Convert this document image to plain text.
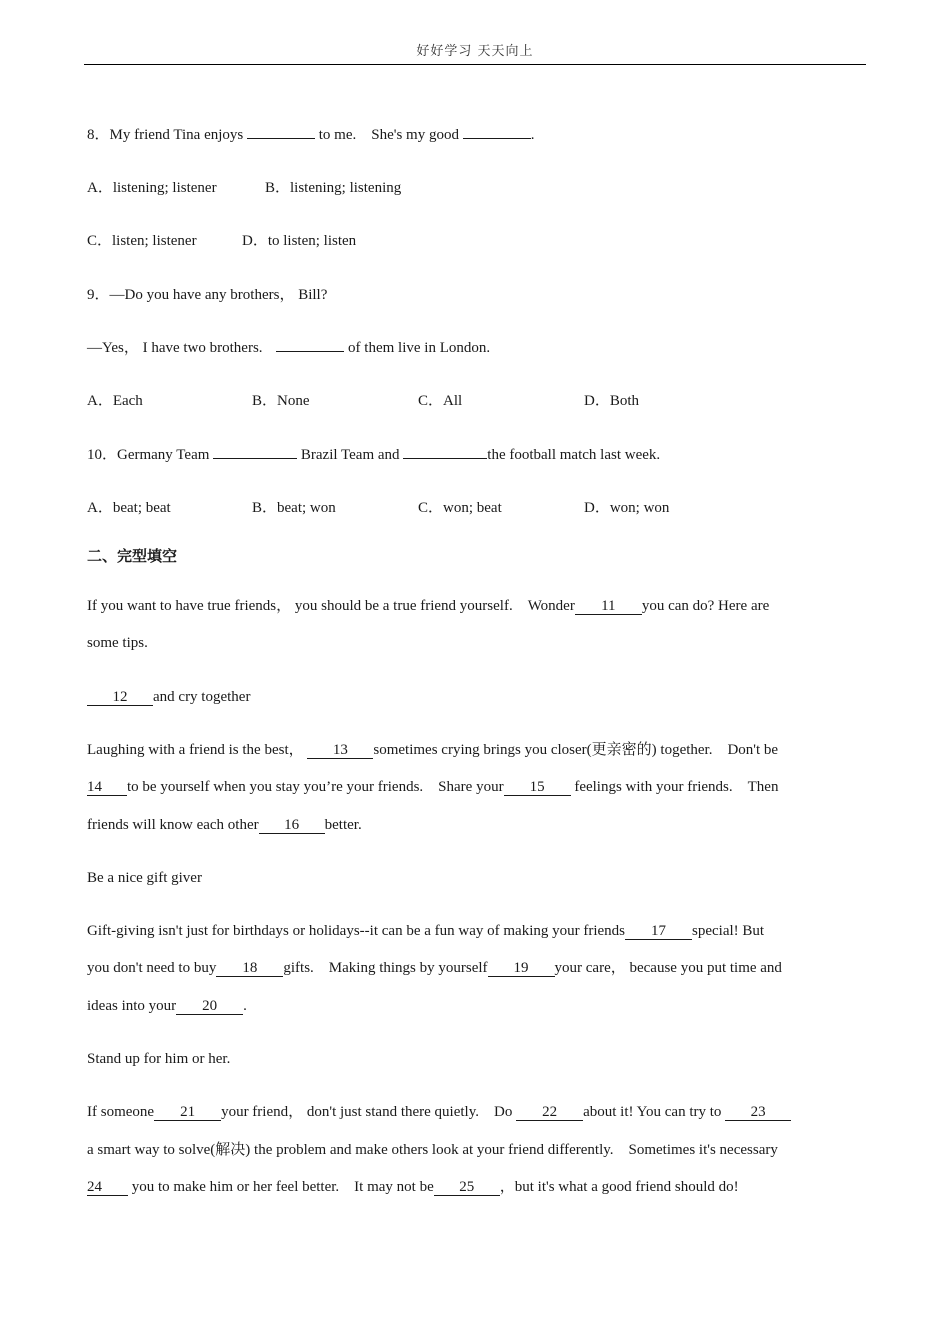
好好学习 天天向上
8．My friend Tina enjoys	to me.　She's my good	.
A．listening; listener	B．listening; listening
C．listen; listener	D．to listen; listen
9．—Do you have any brothers， Bill?
—Yes， I have two brothers.	of them live in London.
A．Each	B．None	C．All	D．Both
10．Germany Team	Brazil Team and	the football match last week.
A．beat; beat	B．beat; won	C．won; beat	D．won; won
二、完型填空
If you want to have true friends， you should be a true friend yourself.　Wonder 11 you can do? Here are
some tips.
12 and cry together
Laughing with a friend is the best， 13 sometimes crying brings you closer(更亲密的) together.　Don't be
14 to be yourself when you stay you’re your friends.　Share your 15 feelings with your friends.　Then
friends will know each other 16 better.
Be a nice gift giver
Gift-giving isn't just for birthdays or holidays--it can be a fun way of making your friends 17 special! But
you don't need to buy 18 gifts.　Making things by yourself 19 your care， because you put time and
ideas into your 20 .
Stand up for him or her.
If someone 21 your friend， don't just stand there quietly.　Do 22 about it! You can try to 23
a smart way to solve(解决) the problem and make others look at your friend differently.　Sometimes it's necessary
24 you to make him or her feel better.　It may not be 25 ，but it's what a good friend should do!
